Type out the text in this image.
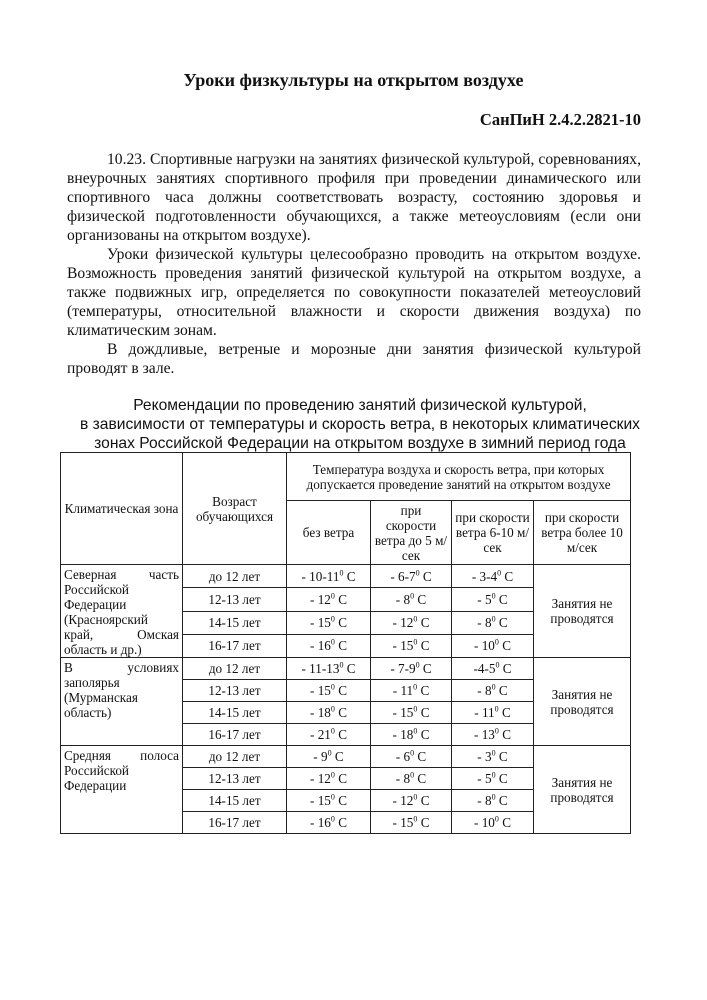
Уроки физкультуры на открытом воздухе
СанПиН 2.4.2.2821-10

10.23. Спортивные нагрузки на занятиях физической культурой, соревнованиях, внеурочных занятиях спортивного профиля при проведении динамического или спортивного часа должны соответствовать возрасту, состоянию здоровья и физической подготовленности обучающихся, а также метеоусловиям (если они организованы на открытом воздухе).

Уроки физической культуры целесообразно проводить на открытом воздухе. Возможность проведения занятий физической культурой на открытом воздухе, а также подвижных игр, определяется по совокупности показателей метеоусловий (температуры, относительной влажности и скорости движения воздуха) по климатическим зонам.

В дождливые, ветреные и морозные дни занятия физической культурой проводят в зале.

Рекомендации по проведению занятий физической культурой,
в зависимости от температуры и скорость ветра, в некоторых климатических
зонах Российской Федерации на открытом воздухе в зимний период года
Климатическая зона	Возраст обучающихся	Температура воздуха и скорость ветра, при которых допускается проведение занятий на открытом воздухе			
		без ветра	при скорости ветра до 5 м/сек	при скорости ветра 6-10 м/сек	при скорости ветра более 10 м/сек
Северная часть Российской Федерации (Красноярский край, Омская область и др.)	до 12 лет	- $10-11^0$ С	- $6-7^0$ С	- $3-4^0$ С	Занятия не проводятся
	12-13 лет	- $12^0$ С	- $8^0$ С	- $5^0$ С	
	14-15 лет	- $15^0$ С	- $12^0$ С	- $8^0$ С	
	16-17 лет	- $16^0$ С	- $15^0$ С	- $10^0$ С	
В условиях заполярья (Мурманская область)	до 12 лет	- $11-13^0$ С	- $7-9^0$ С	$-4-5^0$ С	Занятия не проводятся
	12-13 лет	- $15^0$ С	- $11^0$ С	- $8^0$ С	
	14-15 лет	- $18^0$ С	- $15^0$ С	- $11^0$ С	
	16-17 лет	- $21^0$ С	- $18^0$ С	- $13^0$ С	
Средняя полоса Российской Федерации	до 12 лет	- $9^0$ С	- $6^0$ С	- $3^0$ С	Занятия не проводятся
	12-13 лет	- $12^0$ С	- $8^0$ С	- $5^0$ С	
	14-15 лет	- $15^0$ С	- $12^0$ С	- $8^0$ С	
	16-17 лет	- $16^0$ С	- $15^0$ С	- $10^0$ С	
